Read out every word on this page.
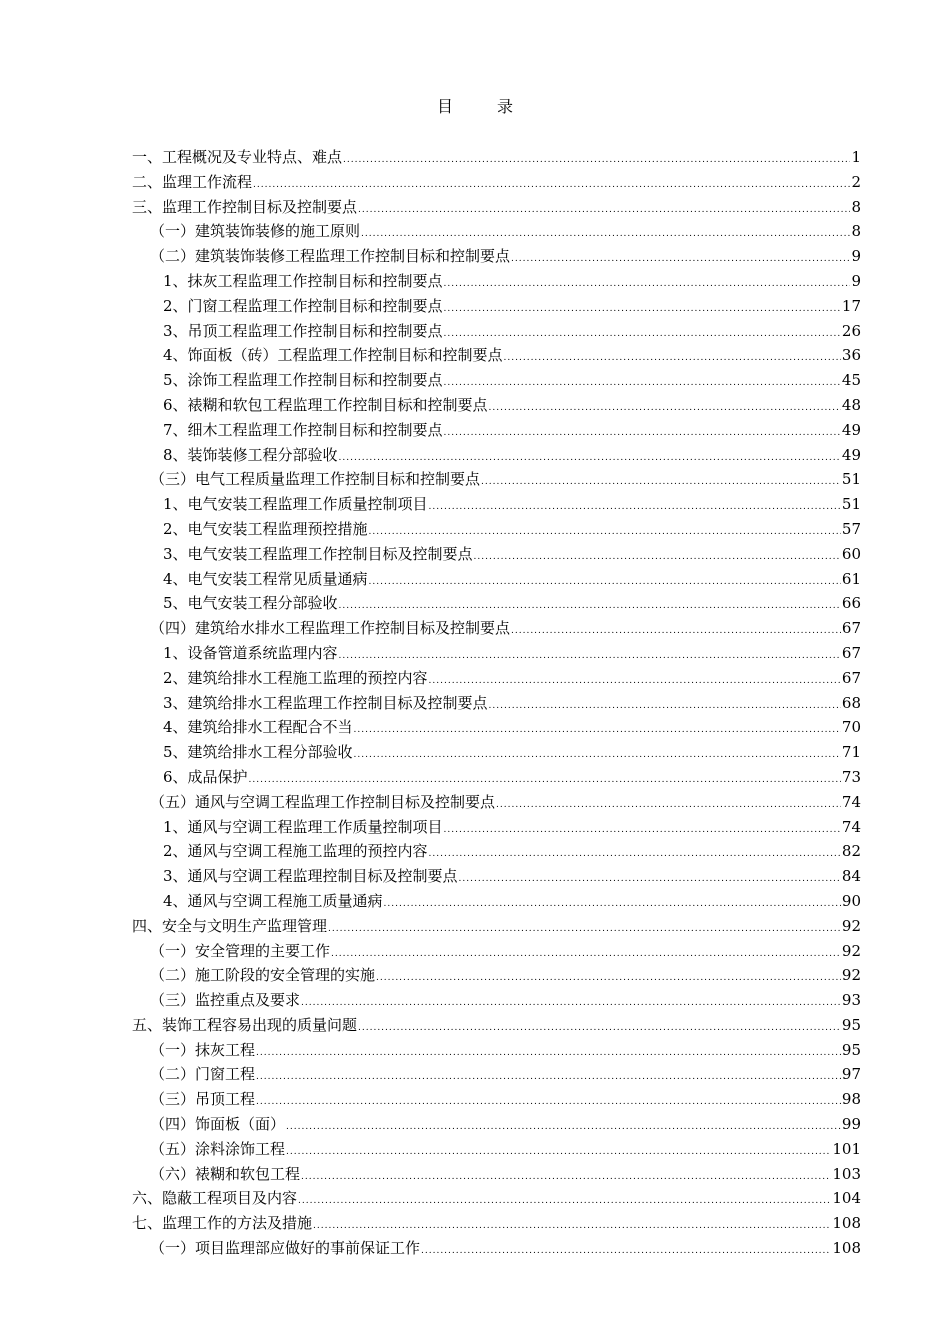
目	录
一、工程概况及专业特点、难点 .....	1
二、监理工作流程 .....	2
三、监理工作控制目标及控制要点 .....	8
（一）建筑装饰装修的施工原则 .....	8
（二）建筑装饰装修工程监理工作控制目标和控制要点 .....	9
1、抹灰工程监理工作控制目标和控制要点 .....	9
2、门窗工程监理工作控制目标和控制要点 .....	17
3、吊顶工程监理工作控制目标和控制要点 .....	26
4、饰面板（砖）工程监理工作控制目标和控制要点 .....	36
5、涂饰工程监理工作控制目标和控制要点 .....	45
6、裱糊和软包工程监理工作控制目标和控制要点 .....	48
7、细木工程监理工作控制目标和控制要点 .....	49
8、装饰装修工程分部验收 .....	49
（三）电气工程质量监理工作控制目标和控制要点 .....	51
1、电气安装工程监理工作质量控制项目 .....	51
2、电气安装工程监理预控措施 .....	57
3、电气安装工程监理工作控制目标及控制要点 .....	60
4、电气安装工程常见质量通病 .....	61
5、电气安装工程分部验收 .....	66
（四）建筑给水排水工程监理工作控制目标及控制要点 .....	67
1、设备管道系统监理内容 .....	67
2、建筑给排水工程施工监理的预控内容 .....	67
3、建筑给排水工程监理工作控制目标及控制要点 .....	68
4、建筑给排水工程配合不当 .....	70
5、建筑给排水工程分部验收 .....	71
6、成品保护 .....	73
（五）通风与空调工程监理工作控制目标及控制要点 .....	74
1、通风与空调工程监理工作质量控制项目 .....	74
2、通风与空调工程施工监理的预控内容 .....	82
3、通风与空调工程监理控制目标及控制要点 .....	84
4、通风与空调工程施工质量通病 .....	90
四、安全与文明生产监理管理 .....	92
（一）安全管理的主要工作 .....	92
（二）施工阶段的安全管理的实施 .....	92
（三）监控重点及要求 .....	93
五、装饰工程容易出现的质量问题 .....	95
（一）抹灰工程 .....	95
（二）门窗工程 .....	97
（三）吊顶工程 .....	98
（四）饰面板（面） .....	99
（五）涂料涂饰工程 .....	101
（六）裱糊和软包工程 .....	103
六、隐蔽工程项目及内容 .....	104
七、监理工作的方法及措施 .....	108
（一）项目监理部应做好的事前保证工作 .....	108
